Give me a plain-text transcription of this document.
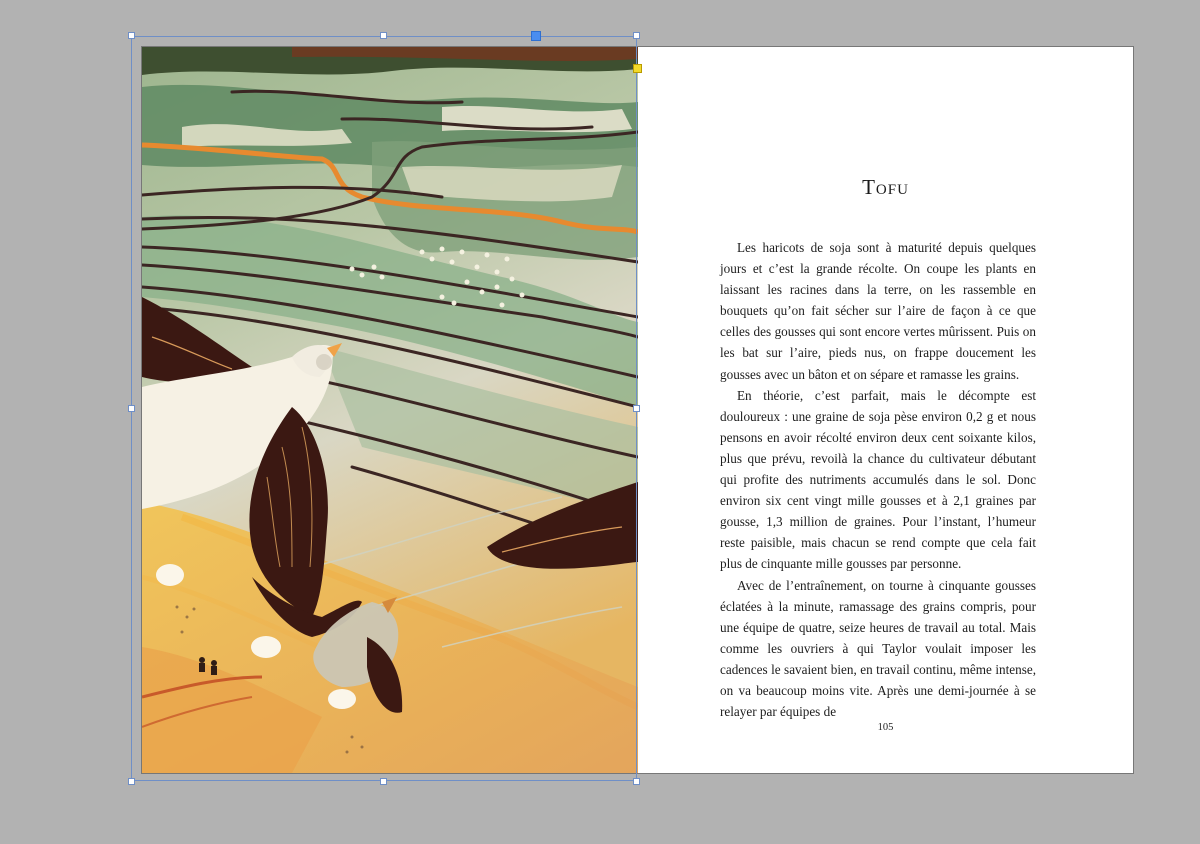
Tofu

Les haricots de soja sont à maturité depuis quelques jours et c’est la grande récolte. On coupe les plants en laissant les racines dans la terre, on les rassemble en bouquets qu’on fait sécher sur l’aire de façon à ce que celles des gousses qui sont encore vertes mûrissent. Puis on les bat sur l’aire, pieds nus, on frappe doucement les gousses avec un bâton et on sépare et ramasse les grains.

En théorie, c’est parfait, mais le décompte est douloureux : une graine de soja pèse environ 0,2 g et nous pensons en avoir récolté environ deux cent soixante kilos, plus que prévu, revoilà la chance du cultivateur débutant qui profite des nutriments accumulés dans le sol. Donc environ six cent vingt mille gousses et à 2,1 graines par gousse, 1,3 million de graines. Pour l’instant, l’humeur reste paisible, mais chacun se rend compte que cela fait plus de cinquante mille gousses par personne.

Avec de l’entraînement, on tourne à cinquante gousses éclatées à la minute, ramassage des grains compris, pour une équipe de quatre, seize heures de travail au total. Mais comme les ouvriers à qui Taylor voulait imposer les cadences le savaient bien, en travail continu, même intense, on va beaucoup moins vite. Après une demi-journée à se relayer par équipes de

105
